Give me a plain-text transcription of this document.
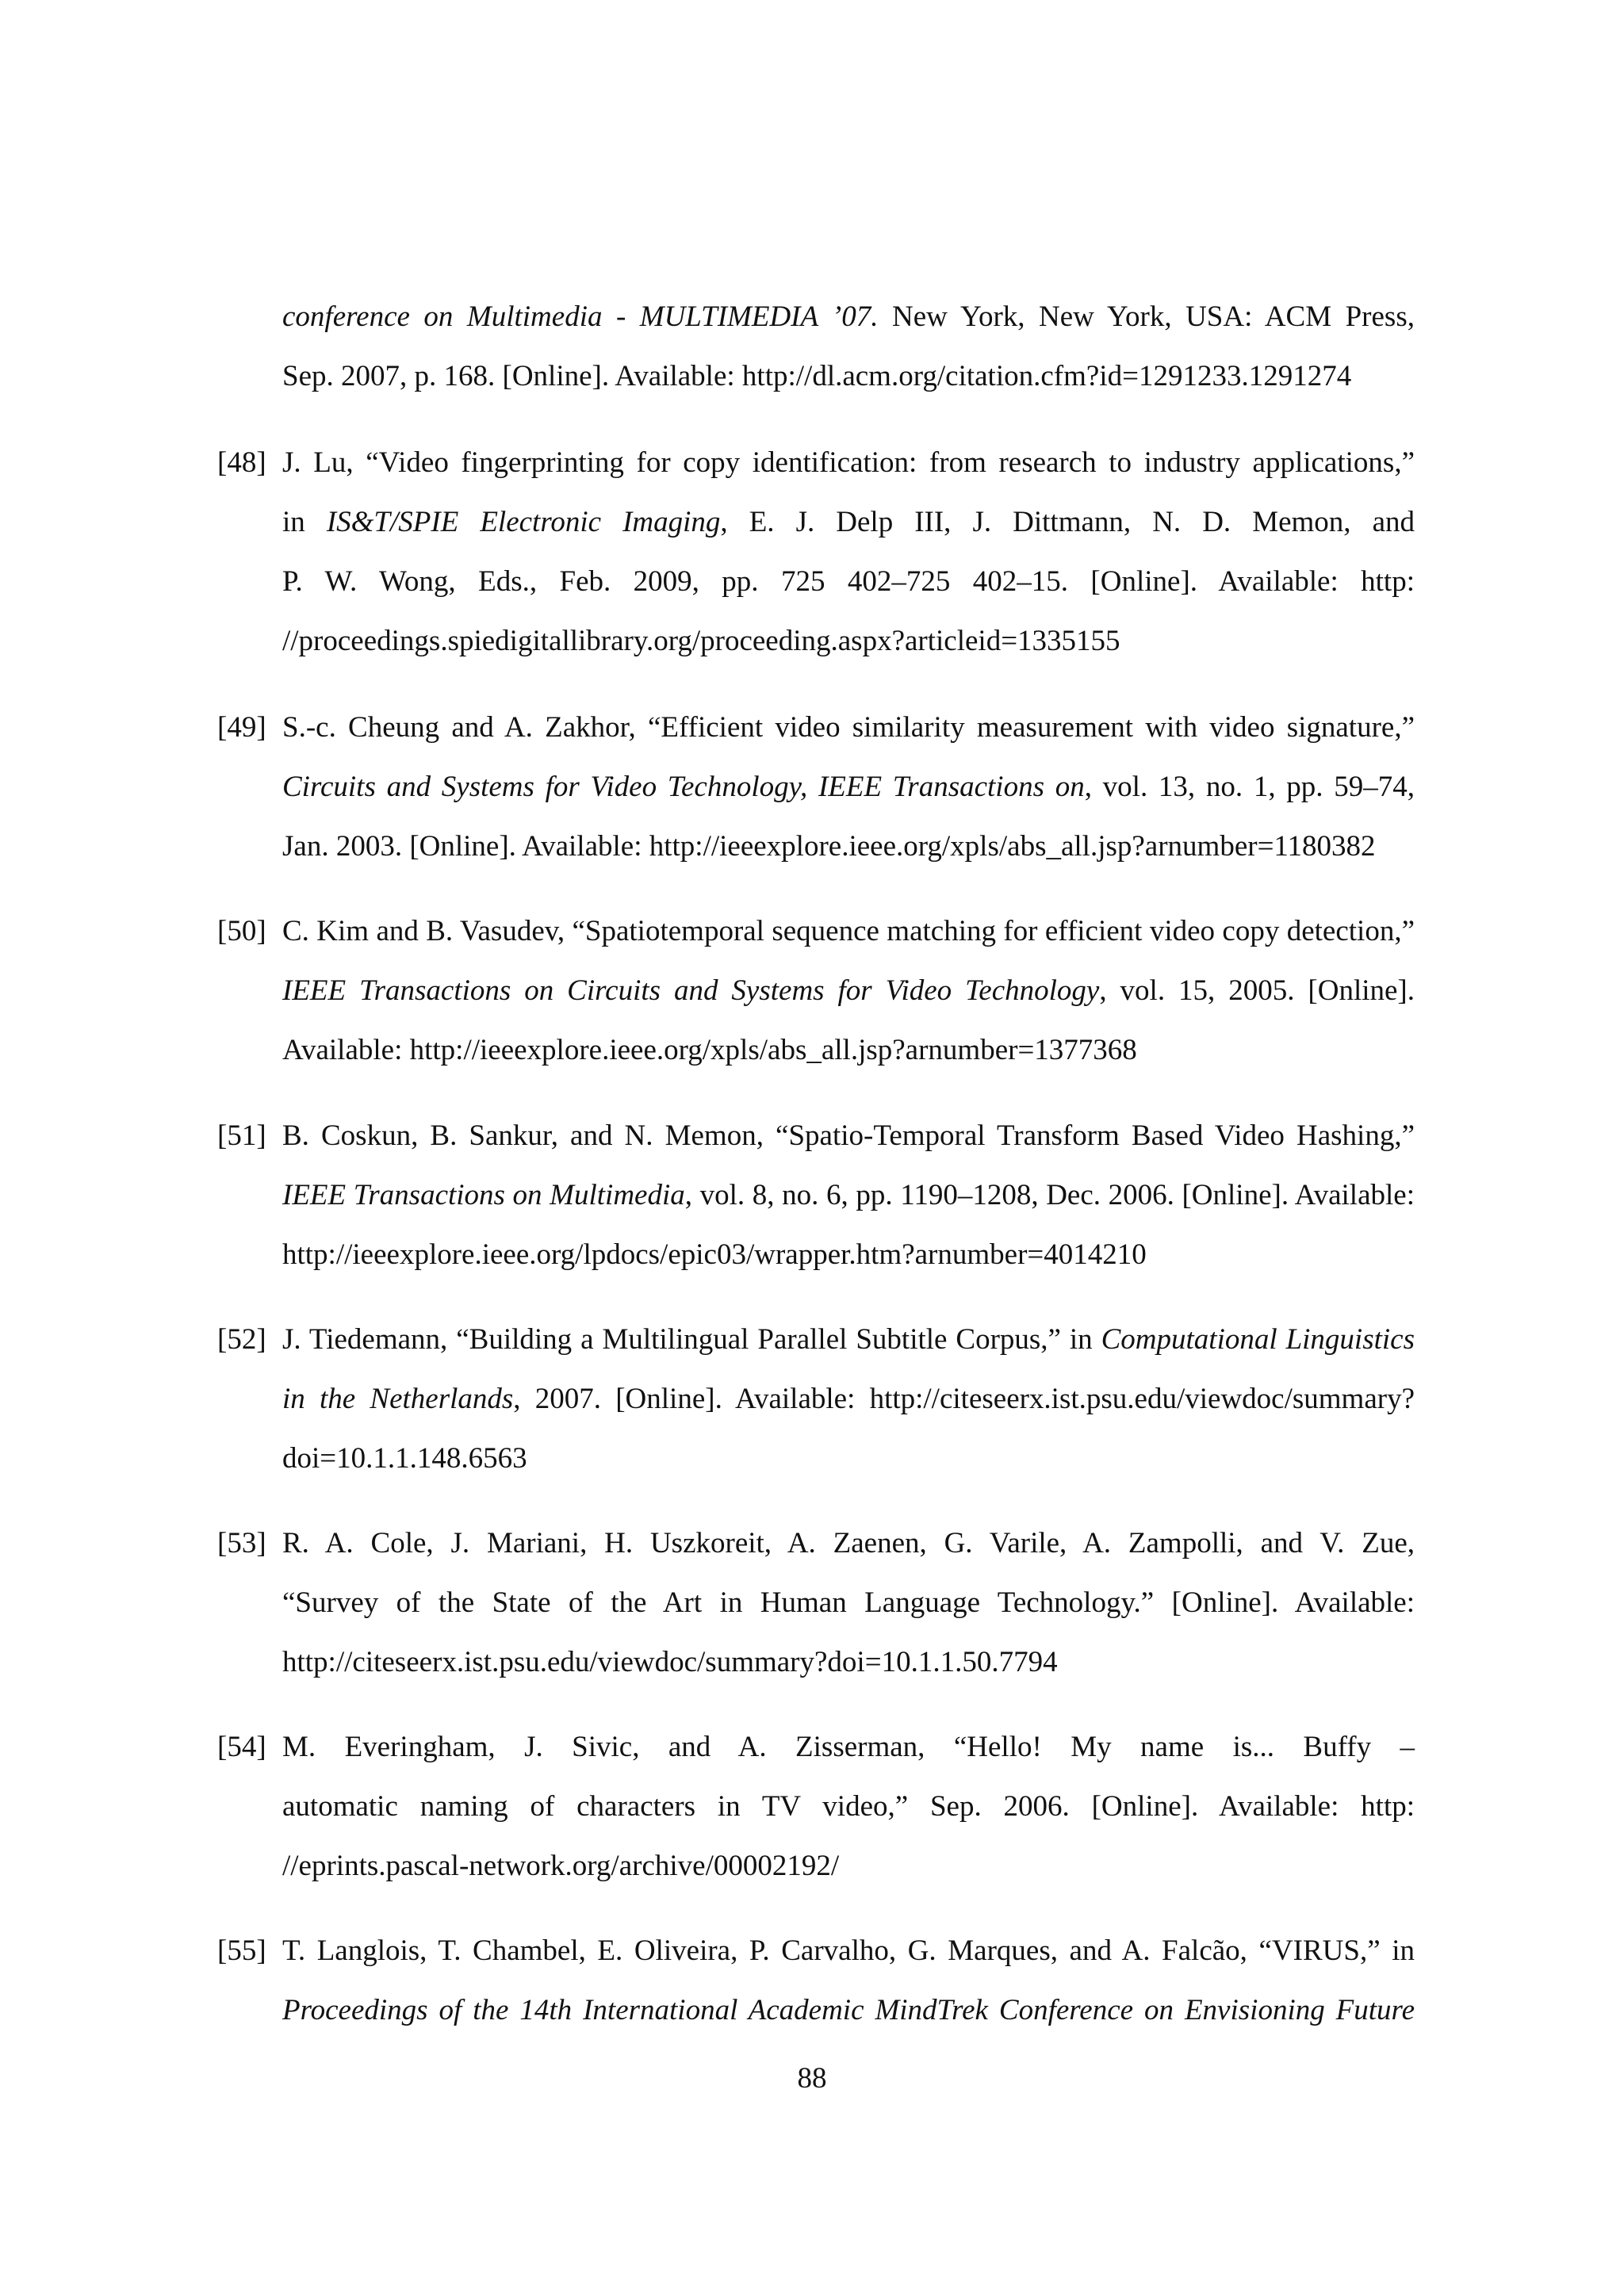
conference on Multimedia - MULTIMEDIA ’07. New York, New York, USA: ACM Press,
Sep. 2007, p. 168. [Online]. Available: http://dl.acm.org/citation.cfm?id=1291233.1291274
[48] J. Lu, “Video fingerprinting for copy identification: from research to industry applications,”
in IS&T/SPIE Electronic Imaging, E. J. Delp III, J. Dittmann, N. D. Memon, and
P. W. Wong, Eds., Feb. 2009, pp. 725 402–725 402–15. [Online]. Available: http:
//proceedings.spiedigitallibrary.org/proceeding.aspx?articleid=1335155
[49] S.-c. Cheung and A. Zakhor, “Efficient video similarity measurement with video signature,”
Circuits and Systems for Video Technology, IEEE Transactions on, vol. 13, no. 1, pp. 59–74,
Jan. 2003. [Online]. Available: http://ieeexplore.ieee.org/xpls/abs_all.jsp?arnumber=1180382
[50] C. Kim and B. Vasudev, “Spatiotemporal sequence matching for efficient video copy detection,”
IEEE Transactions on Circuits and Systems for Video Technology, vol. 15, 2005. [Online].
Available: http://ieeexplore.ieee.org/xpls/abs_all.jsp?arnumber=1377368
[51] B. Coskun, B. Sankur, and N. Memon, “Spatio-Temporal Transform Based Video Hashing,”
IEEE Transactions on Multimedia, vol. 8, no. 6, pp. 1190–1208, Dec. 2006. [Online]. Available:
http://ieeexplore.ieee.org/lpdocs/epic03/wrapper.htm?arnumber=4014210
[52] J. Tiedemann, “Building a Multilingual Parallel Subtitle Corpus,” in Computational Linguistics
in the Netherlands, 2007. [Online]. Available: http://citeseerx.ist.psu.edu/viewdoc/summary?
doi=10.1.1.148.6563
[53] R. A. Cole, J. Mariani, H. Uszkoreit, A. Zaenen, G. Varile, A. Zampolli, and V. Zue,
“Survey of the State of the Art in Human Language Technology.” [Online]. Available:
http://citeseerx.ist.psu.edu/viewdoc/summary?doi=10.1.1.50.7794
[54] M. Everingham, J. Sivic, and A. Zisserman, “Hello! My name is... Buffy –
automatic naming of characters in TV video,” Sep. 2006. [Online]. Available: http:
//eprints.pascal-network.org/archive/00002192/
[55] T. Langlois, T. Chambel, E. Oliveira, P. Carvalho, G. Marques, and A. Falcão, “VIRUS,” in
Proceedings of the 14th International Academic MindTrek Conference on Envisioning Future
88
